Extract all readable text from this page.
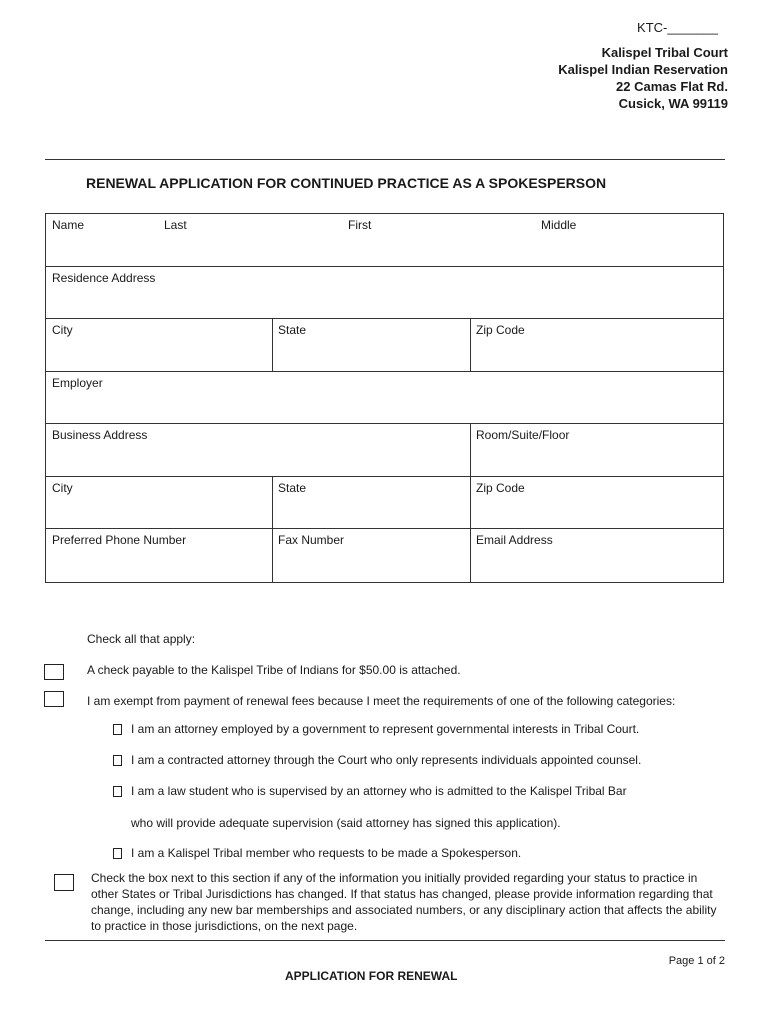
KTC-_______
Kalispel Tribal Court
Kalispel Indian Reservation
22 Camas Flat Rd.
Cusick, WA 99119
RENEWAL APPLICATION FOR CONTINUED PRACTICE AS A SPOKESPERSON
Name	Last	First	Middle
Residence Address
City	State	Zip Code
Employer
Business Address	Room/Suite/Floor
City	State	Zip Code
Preferred Phone Number	Fax Number	Email Address
Check all that apply:
A check payable to the Kalispel Tribe of Indians for $50.00 is attached.
I am exempt from payment of renewal fees because I meet the requirements of one of the following categories:
I am an attorney employed by a government to represent governmental interests in Tribal Court.
I am a contracted attorney through the Court who only represents individuals appointed counsel.
I am a law student who is supervised by an attorney who is admitted to the Kalispel Tribal Bar
who will provide adequate supervision (said attorney has signed this application).
I am a Kalispel Tribal member who requests to be made a Spokesperson.
Check the box next to this section if any of the information you initially provided regarding your status to practice in other States or Tribal Jurisdictions has changed. If that status has changed, please provide information regarding that change, including any new bar memberships and associated numbers, or any disciplinary action that affects the ability to practice in those jurisdictions, on the next page.
Page 1 of 2
APPLICATION FOR RENEWAL
